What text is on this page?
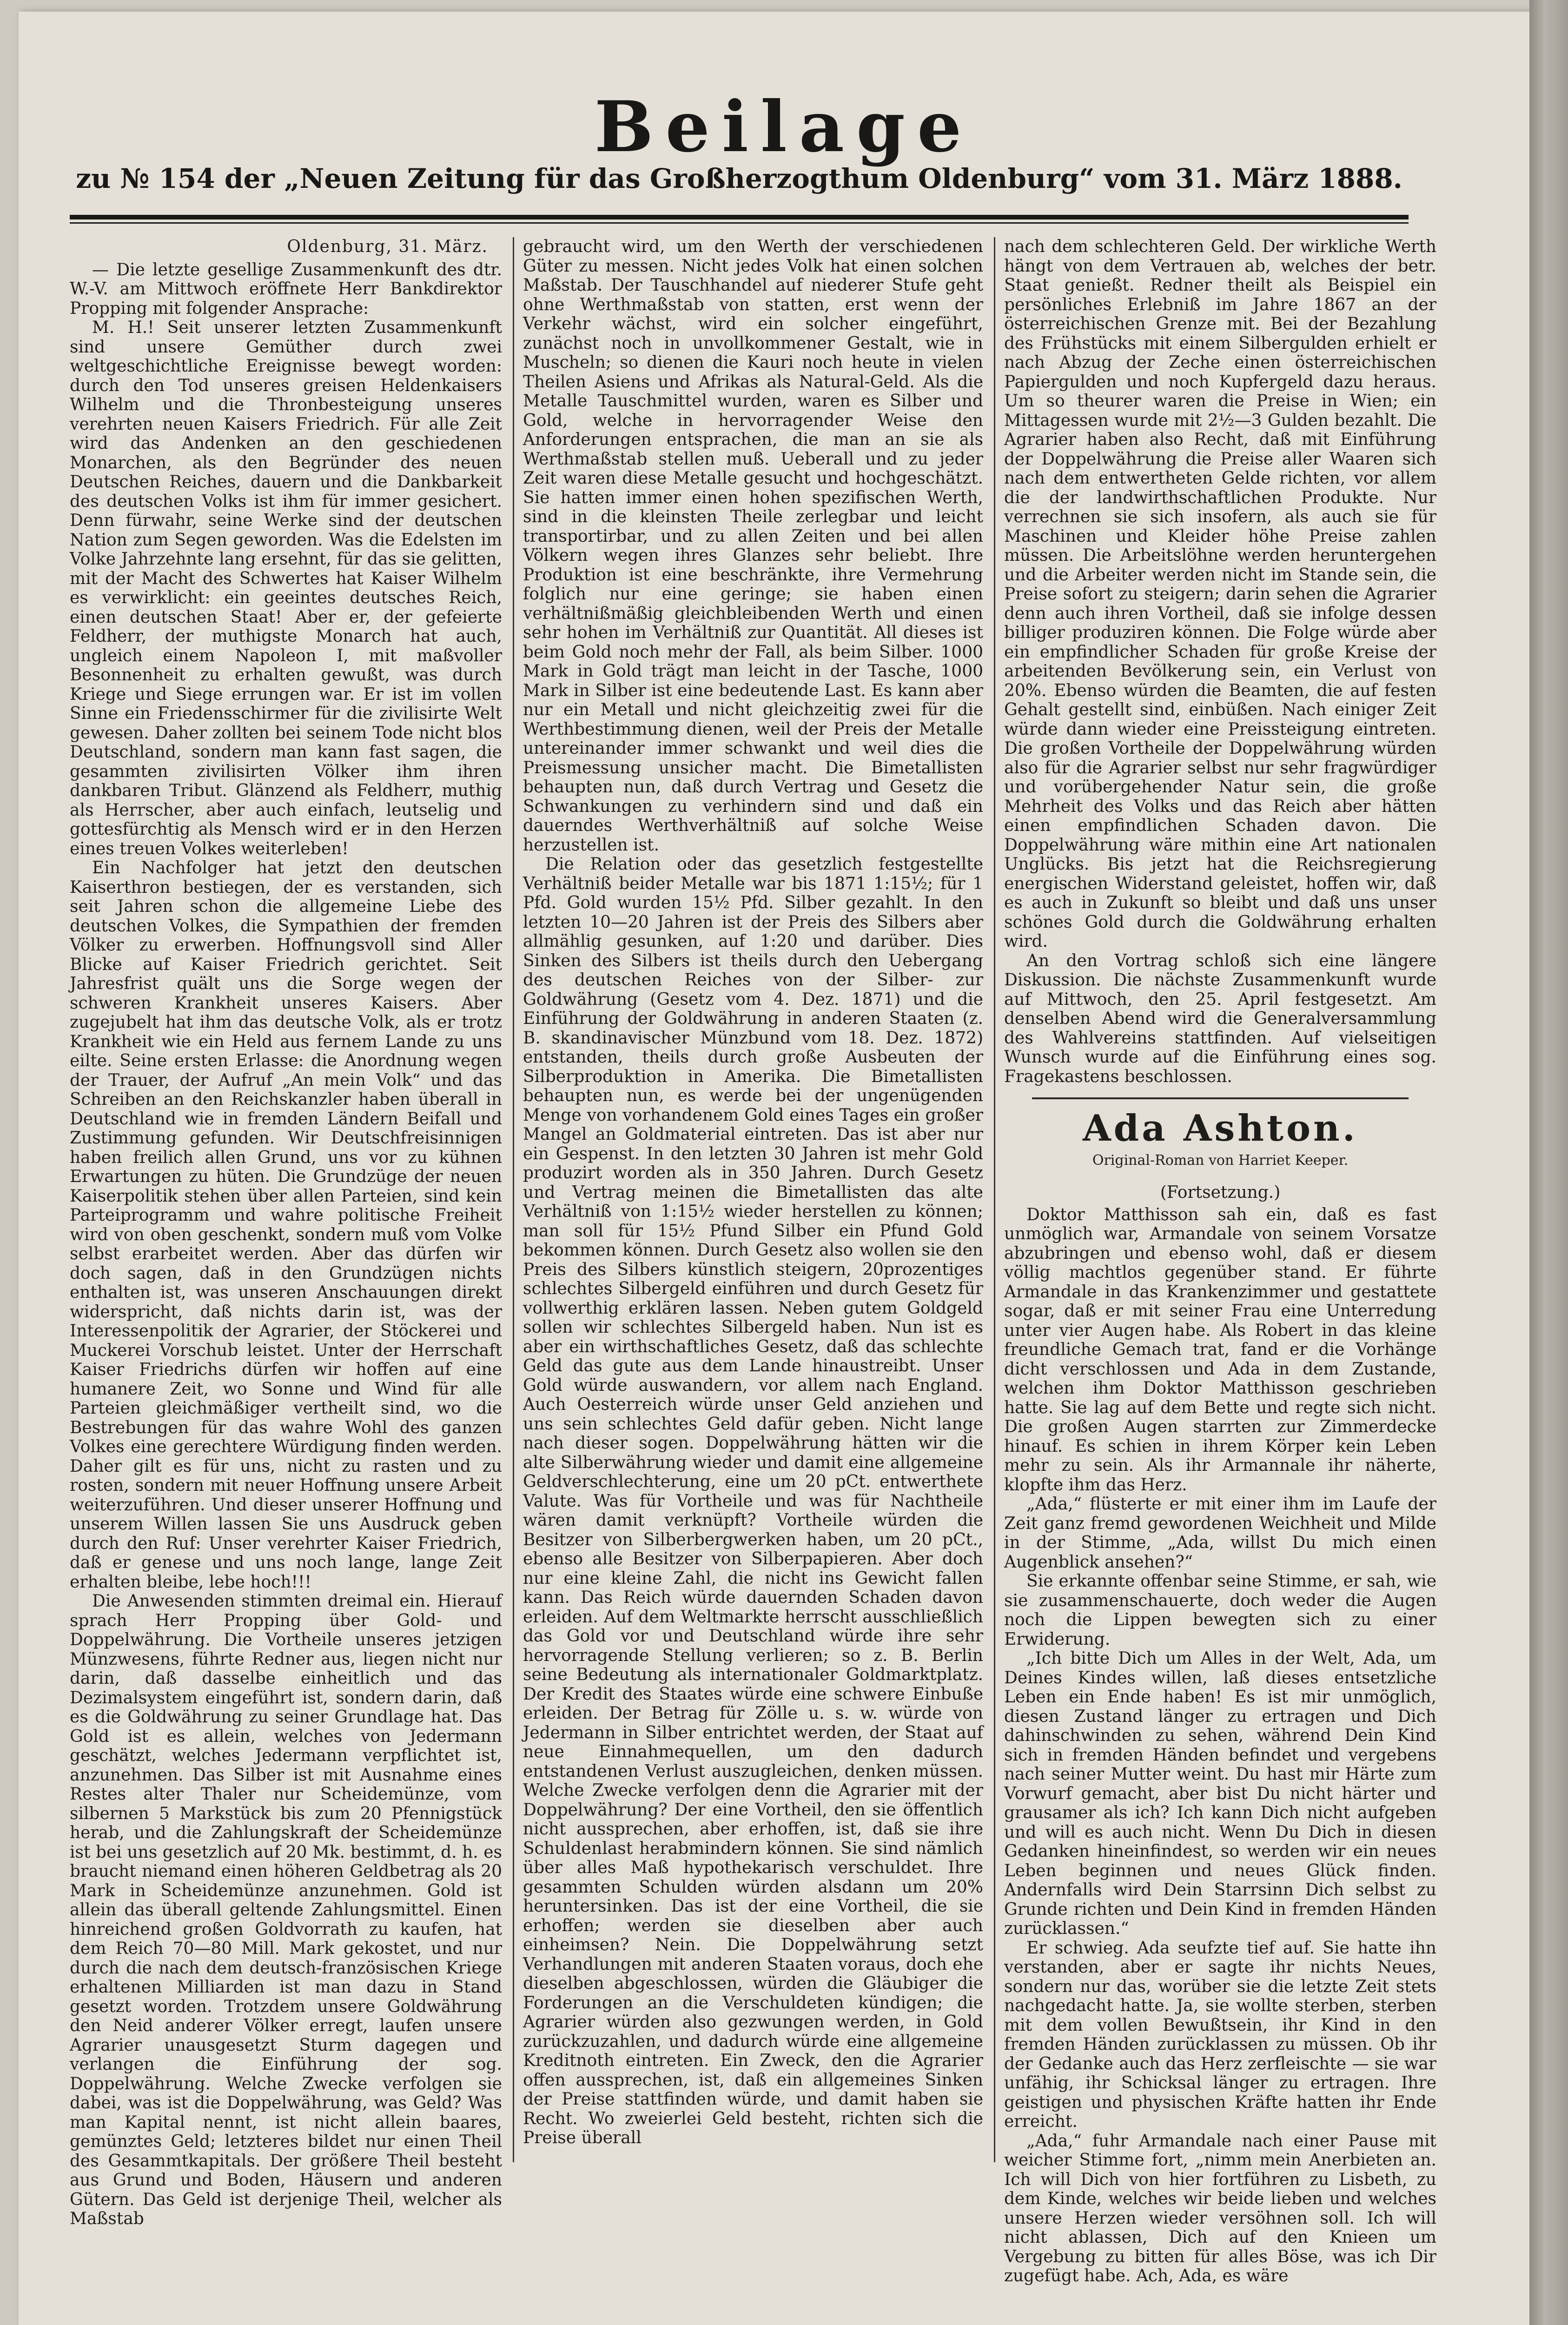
Beilage
zu № 154 der „Neuen Zeitung für das Großherzogthum Oldenburg“ vom 31. März 1888.
Oldenburg, 31. März.

— Die letzte gesellige Zusammenkunft des dtr. W.-V. am Mittwoch eröffnete Herr Bankdirektor Propping mit folgender Ansprache:

M. H.! Seit unserer letzten Zusammenkunft sind unsere Gemüther durch zwei weltgeschichtliche Ereignisse bewegt worden: durch den Tod unseres greisen Heldenkaisers Wilhelm und die Thronbesteigung unseres verehrten neuen Kaisers Friedrich. Für alle Zeit wird das Andenken an den geschiedenen Monarchen, als den Begründer des neuen Deutschen Reiches, dauern und die Dankbarkeit des deutschen Volks ist ihm für immer gesichert. Denn fürwahr, seine Werke sind der deutschen Nation zum Segen geworden. Was die Edelsten im Volke Jahrzehnte lang ersehnt, für das sie gelitten, mit der Macht des Schwertes hat Kaiser Wilhelm es verwirklicht: ein geeintes deutsches Reich, einen deutschen Staat! Aber er, der gefeierte Feldherr, der muthigste Monarch hat auch, ungleich einem Napoleon I, mit maßvoller Besonnenheit zu erhalten gewußt, was durch Kriege und Siege errungen war. Er ist im vollen Sinne ein Friedensschirmer für die zivilisirte Welt gewesen. Daher zollten bei seinem Tode nicht blos Deutschland, sondern man kann fast sagen, die gesammten zivilisirten Völker ihm ihren dankbaren Tribut. Glänzend als Feldherr, muthig als Herrscher, aber auch einfach, leutselig und gottesfürchtig als Mensch wird er in den Herzen eines treuen Volkes weiterleben!

Ein Nachfolger hat jetzt den deutschen Kaiserthron bestiegen, der es verstanden, sich seit Jahren schon die allgemeine Liebe des deutschen Volkes, die Sympathien der fremden Völker zu erwerben. Hoffnungsvoll sind Aller Blicke auf Kaiser Friedrich gerichtet. Seit Jahresfrist quält uns die Sorge wegen der schweren Krankheit unseres Kaisers. Aber zugejubelt hat ihm das deutsche Volk, als er trotz Krankheit wie ein Held aus fernem Lande zu uns eilte. Seine ersten Erlasse: die Anordnung wegen der Trauer, der Aufruf „An mein Volk“ und das Schreiben an den Reichskanzler haben überall in Deutschland wie in fremden Ländern Beifall und Zustimmung gefunden. Wir Deutschfreisinnigen haben freilich allen Grund, uns vor zu kühnen Erwartungen zu hüten. Die Grundzüge der neuen Kaiserpolitik stehen über allen Parteien, sind kein Parteiprogramm und wahre politische Freiheit wird von oben geschenkt, sondern muß vom Volke selbst erarbeitet werden. Aber das dürfen wir doch sagen, daß in den Grundzügen nichts enthalten ist, was unseren Anschauungen direkt widerspricht, daß nichts darin ist, was der Interessenpolitik der Agrarier, der Stöckerei und Muckerei Vorschub leistet. Unter der Herrschaft Kaiser Friedrichs dürfen wir hoffen auf eine humanere Zeit, wo Sonne und Wind für alle Parteien gleichmäßiger vertheilt sind, wo die Bestrebungen für das wahre Wohl des ganzen Volkes eine gerechtere Würdigung finden werden. Daher gilt es für uns, nicht zu rasten und zu rosten, sondern mit neuer Hoffnung unsere Arbeit weiterzuführen. Und dieser unserer Hoffnung und unserem Willen lassen Sie uns Ausdruck geben durch den Ruf: Unser verehrter Kaiser Friedrich, daß er genese und uns noch lange, lange Zeit erhalten bleibe, lebe hoch!!!

Die Anwesenden stimmten dreimal ein. Hierauf sprach Herr Propping über Gold- und Doppelwährung. Die Vortheile unseres jetzigen Münzwesens, führte Redner aus, liegen nicht nur darin, daß dasselbe einheitlich und das Dezimalsystem eingeführt ist, sondern darin, daß es die Goldwährung zu seiner Grundlage hat. Das Gold ist es allein, welches von Jedermann geschätzt, welches Jedermann verpflichtet ist, anzunehmen. Das Silber ist mit Ausnahme eines Restes alter Thaler nur Scheidemünze, vom silbernen 5 Markstück bis zum 20 Pfennigstück herab, und die Zahlungskraft der Scheidemünze ist bei uns gesetzlich auf 20 Mk. bestimmt, d. h. es braucht niemand einen höheren Geldbetrag als 20 Mark in Scheidemünze anzunehmen. Gold ist allein das überall geltende Zahlungsmittel. Einen hinreichend großen Goldvorrath zu kaufen, hat dem Reich 70—80 Mill. Mark gekostet, und nur durch die nach dem deutsch-französischen Kriege erhaltenen Milliarden ist man dazu in Stand gesetzt worden. Trotzdem unsere Goldwährung den Neid anderer Völker erregt, laufen unsere Agrarier unausgesetzt Sturm dagegen und verlangen die Einführung der sog. Doppelwährung. Welche Zwecke verfolgen sie dabei, was ist die Doppelwährung, was Geld? Was man Kapital nennt, ist nicht allein baares, gemünztes Geld; letzteres bildet nur einen Theil des Gesammtkapitals. Der größere Theil besteht aus Grund und Boden, Häusern und anderen Gütern. Das Geld ist derjenige Theil, welcher als Maßstab

gebraucht wird, um den Werth der verschiedenen Güter zu messen. Nicht jedes Volk hat einen solchen Maßstab. Der Tauschhandel auf niederer Stufe geht ohne Werthmaßstab von statten, erst wenn der Verkehr wächst, wird ein solcher eingeführt, zunächst noch in unvollkommener Gestalt, wie in Muscheln; so dienen die Kauri noch heute in vielen Theilen Asiens und Afrikas als Natural-Geld. Als die Metalle Tauschmittel wurden, waren es Silber und Gold, welche in hervorragender Weise den Anforderungen entsprachen, die man an sie als Werthmaßstab stellen muß. Ueberall und zu jeder Zeit waren diese Metalle gesucht und hochgeschätzt. Sie hatten immer einen hohen spezifischen Werth, sind in die kleinsten Theile zerlegbar und leicht transportirbar, und zu allen Zeiten und bei allen Völkern wegen ihres Glanzes sehr beliebt. Ihre Produktion ist eine beschränkte, ihre Vermehrung folglich nur eine geringe; sie haben einen verhältnißmäßig gleichbleibenden Werth und einen sehr hohen im Verhältniß zur Quantität. All dieses ist beim Gold noch mehr der Fall, als beim Silber. 1000 Mark in Gold trägt man leicht in der Tasche, 1000 Mark in Silber ist eine bedeutende Last. Es kann aber nur ein Metall und nicht gleichzeitig zwei für die Werthbestimmung dienen, weil der Preis der Metalle untereinander immer schwankt und weil dies die Preismessung unsicher macht. Die Bimetallisten behaupten nun, daß durch Vertrag und Gesetz die Schwankungen zu verhindern sind und daß ein dauerndes Werthverhältniß auf solche Weise herzustellen ist.

Die Relation oder das gesetzlich festgestellte Verhältniß beider Metalle war bis 1871 1:15½; für 1 Pfd. Gold wurden 15½ Pfd. Silber gezahlt. In den letzten 10—20 Jahren ist der Preis des Silbers aber allmählig gesunken, auf 1:20 und darüber. Dies Sinken des Silbers ist theils durch den Uebergang des deutschen Reiches von der Silber- zur Goldwährung (Gesetz vom 4. Dez. 1871) und die Einführung der Goldwährung in anderen Staaten (z. B. skandinavischer Münzbund vom 18. Dez. 1872) entstanden, theils durch große Ausbeuten der Silberproduktion in Amerika. Die Bimetallisten behaupten nun, es werde bei der ungenügenden Menge von vorhandenem Gold eines Tages ein großer Mangel an Goldmaterial eintreten. Das ist aber nur ein Gespenst. In den letzten 30 Jahren ist mehr Gold produzirt worden als in 350 Jahren. Durch Gesetz und Vertrag meinen die Bimetallisten das alte Verhältniß von 1:15½ wieder herstellen zu können; man soll für 15½ Pfund Silber ein Pfund Gold bekommen können. Durch Gesetz also wollen sie den Preis des Silbers künstlich steigern, 20prozentiges schlechtes Silbergeld einführen und durch Gesetz für vollwerthig erklären lassen. Neben gutem Goldgeld sollen wir schlechtes Silbergeld haben. Nun ist es aber ein wirthschaftliches Gesetz, daß das schlechte Geld das gute aus dem Lande hinaustreibt. Unser Gold würde auswandern, vor allem nach England. Auch Oesterreich würde unser Geld anziehen und uns sein schlechtes Geld dafür geben. Nicht lange nach dieser sogen. Doppelwährung hätten wir die alte Silberwährung wieder und damit eine allgemeine Geldverschlechterung, eine um 20 pCt. entwerthete Valute. Was für Vortheile und was für Nachtheile wären damit verknüpft? Vortheile würden die Besitzer von Silberbergwerken haben, um 20 pCt., ebenso alle Besitzer von Silberpapieren. Aber doch nur eine kleine Zahl, die nicht ins Gewicht fallen kann. Das Reich würde dauernden Schaden davon erleiden. Auf dem Weltmarkte herrscht ausschließlich das Gold vor und Deutschland würde ihre sehr hervorragende Stellung verlieren; so z. B. Berlin seine Bedeutung als internationaler Goldmarktplatz. Der Kredit des Staates würde eine schwere Einbuße erleiden. Der Betrag für Zölle u. s. w. würde von Jedermann in Silber entrichtet werden, der Staat auf neue Einnahmequellen, um den dadurch entstandenen Verlust auszugleichen, denken müssen. Welche Zwecke verfolgen denn die Agrarier mit der Doppelwährung? Der eine Vortheil, den sie öffentlich nicht aussprechen, aber erhoffen, ist, daß sie ihre Schuldenlast herabmindern können. Sie sind nämlich über alles Maß hypothekarisch verschuldet. Ihre gesammten Schulden würden alsdann um 20% heruntersinken. Das ist der eine Vortheil, die sie erhoffen; werden sie dieselben aber auch einheimsen? Nein. Die Doppelwährung setzt Verhandlungen mit anderen Staaten voraus, doch ehe dieselben abgeschlossen, würden die Gläubiger die Forderungen an die Verschuldeten kündigen; die Agrarier würden also gezwungen werden, in Gold zurückzuzahlen, und dadurch würde eine allgemeine Kreditnoth eintreten. Ein Zweck, den die Agrarier offen aussprechen, ist, daß ein allgemeines Sinken der Preise stattfinden würde, und damit haben sie Recht. Wo zweierlei Geld besteht, richten sich die Preise überall

nach dem schlechteren Geld. Der wirkliche Werth hängt von dem Vertrauen ab, welches der betr. Staat genießt. Redner theilt als Beispiel ein persönliches Erlebniß im Jahre 1867 an der österreichischen Grenze mit. Bei der Bezahlung des Frühstücks mit einem Silbergulden erhielt er nach Abzug der Zeche einen österreichischen Papiergulden und noch Kupfergeld dazu heraus. Um so theurer waren die Preise in Wien; ein Mittagessen wurde mit 2½—3 Gulden bezahlt. Die Agrarier haben also Recht, daß mit Einführung der Doppelwährung die Preise aller Waaren sich nach dem entwertheten Gelde richten, vor allem die der landwirthschaftlichen Produkte. Nur verrechnen sie sich insofern, als auch sie für Maschinen und Kleider höhe Preise zahlen müssen. Die Arbeitslöhne werden heruntergehen und die Arbeiter werden nicht im Stande sein, die Preise sofort zu steigern; darin sehen die Agrarier denn auch ihren Vortheil, daß sie infolge dessen billiger produziren können. Die Folge würde aber ein empfindlicher Schaden für große Kreise der arbeitenden Bevölkerung sein, ein Verlust von 20%. Ebenso würden die Beamten, die auf festen Gehalt gestellt sind, einbüßen. Nach einiger Zeit würde dann wieder eine Preissteigung eintreten. Die großen Vortheile der Doppelwährung würden also für die Agrarier selbst nur sehr fragwürdiger und vorübergehender Natur sein, die große Mehrheit des Volks und das Reich aber hätten einen empfindlichen Schaden davon. Die Doppelwährung wäre mithin eine Art nationalen Unglücks. Bis jetzt hat die Reichsregierung energischen Widerstand geleistet, hoffen wir, daß es auch in Zukunft so bleibt und daß uns unser schönes Gold durch die Goldwährung erhalten wird.

An den Vortrag schloß sich eine längere Diskussion. Die nächste Zusammenkunft wurde auf Mittwoch, den 25. April festgesetzt. Am denselben Abend wird die Generalversammlung des Wahlvereins stattfinden. Auf vielseitigen Wunsch wurde auf die Einführung eines sog. Fragekastens beschlossen.

Ada Ashton.
Original-Roman von Harriet Keeper.
(Fortsetzung.)

Doktor Matthisson sah ein, daß es fast unmöglich war, Armandale von seinem Vorsatze abzubringen und ebenso wohl, daß er diesem völlig machtlos gegenüber stand. Er führte Armandale in das Krankenzimmer und gestattete sogar, daß er mit seiner Frau eine Unterredung unter vier Augen habe. Als Robert in das kleine freundliche Gemach trat, fand er die Vorhänge dicht verschlossen und Ada in dem Zustande, welchen ihm Doktor Matthisson geschrieben hatte. Sie lag auf dem Bette und regte sich nicht. Die großen Augen starrten zur Zimmerdecke hinauf. Es schien in ihrem Körper kein Leben mehr zu sein. Als ihr Armannale ihr näherte, klopfte ihm das Herz.

„Ada,“ flüsterte er mit einer ihm im Laufe der Zeit ganz fremd gewordenen Weichheit und Milde in der Stimme, „Ada, willst Du mich einen Augenblick ansehen?“

Sie erkannte offenbar seine Stimme, er sah, wie sie zusammenschauerte, doch weder die Augen noch die Lippen bewegten sich zu einer Erwiderung.

„Ich bitte Dich um Alles in der Welt, Ada, um Deines Kindes willen, laß dieses entsetzliche Leben ein Ende haben! Es ist mir unmöglich, diesen Zustand länger zu ertragen und Dich dahinschwinden zu sehen, während Dein Kind sich in fremden Händen befindet und vergebens nach seiner Mutter weint. Du hast mir Härte zum Vorwurf gemacht, aber bist Du nicht härter und grausamer als ich? Ich kann Dich nicht aufgeben und will es auch nicht. Wenn Du Dich in diesen Gedanken hineinfindest, so werden wir ein neues Leben beginnen und neues Glück finden. Andernfalls wird Dein Starrsinn Dich selbst zu Grunde richten und Dein Kind in fremden Händen zurücklassen.“

Er schwieg. Ada seufzte tief auf. Sie hatte ihn verstanden, aber er sagte ihr nichts Neues, sondern nur das, worüber sie die letzte Zeit stets nachgedacht hatte. Ja, sie wollte sterben, sterben mit dem vollen Bewußtsein, ihr Kind in den fremden Händen zurücklassen zu müssen. Ob ihr der Gedanke auch das Herz zerfleischte — sie war unfähig, ihr Schicksal länger zu ertragen. Ihre geistigen und physischen Kräfte hatten ihr Ende erreicht.

„Ada,“ fuhr Armandale nach einer Pause mit weicher Stimme fort, „nimm mein Anerbieten an. Ich will Dich von hier fortführen zu Lisbeth, zu dem Kinde, welches wir beide lieben und welches unsere Herzen wieder versöhnen soll. Ich will nicht ablassen, Dich auf den Knieen um Vergebung zu bitten für alles Böse, was ich Dir zugefügt habe. Ach, Ada, es wäre
